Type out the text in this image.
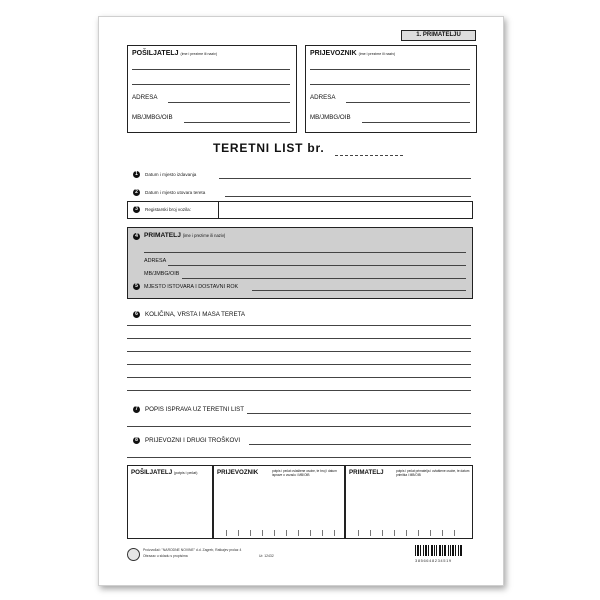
1. PRIMATELJU
POŠILJATELJ (ime i prezime ili naziv)
ADRESA
MB/JMBG/OIB
PRIJEVOZNIK (ime i prezime ili naziv)
ADRESA
MB/JMBG/OIB
TERETNI LIST br.
1	Datum i mjesto izdavanja
2	Datum i mjesto utovara tereta
3	Registarski broj vozila:
4 PRIMATELJ (ime i prezime ili naziv)
ADRESA
MB/JMBG/OIB
5	MJESTO ISTOVARA I DOSTAVNI ROK
6	KOLIČINA, VRSTA I MASA TERETA
7	POPIS ISPRAVA UZ TERETNI LIST
8	PRIJEVOZNI I DRUGI TROŠKOVI
POŠILJATELJ (potpis i pečat)	PRIJEVOZNIK	potpis i pečat ovlaštene osobe, te broj i datum isprave o vozaču i MB/OIB	PRIMATELJ	potpis i pečat primatelja i ovlaštene osobe, te datum primitka i MB/OIB
Proizvođač: "NARODNE NOVINE" d.d. Zagreb, Ratkajev prolaz 4
Obrazac u skladu s propisima	Ur. 12432
3856648234519
